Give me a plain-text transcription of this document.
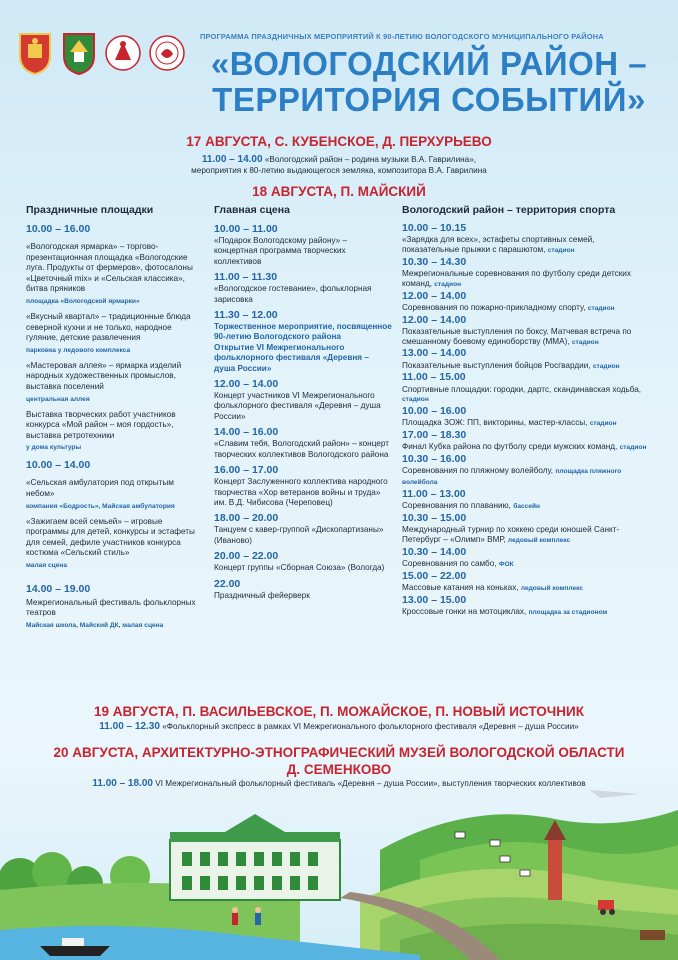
ПРОГРАММА ПРАЗДНИЧНЫХ МЕРОПРИЯТИЙ К 90-ЛЕТИЮ ВОЛОГОДСКОГО МУНИЦИПАЛЬНОГО РАЙОНА
«ВОЛОГОДСКИЙ РАЙОН –
ТЕРРИТОРИЯ СОБЫТИЙ»
17 АВГУСТА, С. КУБЕНСКОЕ, Д. ПЕРХУРЬЕВО
11.00 – 14.00 «Вологодский район – родина музыки В.А. Гаврилина»,
мероприятия к 80-летию выдающегося земляка, композитора В.А. Гаврилина
18 АВГУСТА, П. МАЙСКИЙ
Праздничные площадки	Главная сцена	Вологодский район – территория спорта
10.00 – 16.00
«Вологодская ярмарка» – торгово-презентационная площадка «Вологодские луга. Продукты от фермеров», фотосалоны «Цветочный mix» и «Сельская классика», битва пряников
площадка «Вологодской ярмарки»
«Вкусный квартал» – традиционные блюда северной кухни и не только, народное гуляние, детские развлечения
парковка у ледового комплекса
«Мастеровая аллея» – ярмарка изделий народных художественных промыслов, выставка поселений
центральная аллея
Выставка творческих работ участников конкурса «Мой район – моя гордость», выставка ретротехники
у дома культуры
10.00 – 14.00
«Сельская амбулатория под открытым небом»
компания «Бодрость», Майская амбулатория
«Зажигаем всей семьей» – игровые программы для детей, конкурсы и эстафеты для семей, дефиле участников конкурса костюма «Сельский стиль»
малая сцена
14.00 – 19.00
Межрегиональный фестиваль фольклорных театров
Майская школа, Майский ДК, малая сцена
10.00 – 11.00
«Подарок Вологодскому району» – концертная программа творческих коллективов
11.00 – 11.30
«Вологодское гостевание», фольклорная зарисовка
11.30 – 12.00
Торжественное мероприятие, посвященное
90-летию Вологодского района
Открытие VI Межрегионального фольклорного фестиваля «Деревня – душа России»
12.00 – 14.00
Концерт участников VI Межрегионального фольклорного фестиваля «Деревня – душа России»
14.00 – 16.00
«Славим тебя, Вологодский район» – концерт творческих коллективов Вологодского района
16.00 – 17.00
Концерт Заслуженного коллектива народного творчества «Хор ветеранов войны и труда» им. В.Д. Чибисова (Череповец)
18.00 – 20.00
Танцуем с кавер-группой «Дископартизаны» (Иваново)
20.00 – 22.00
Концерт группы «Сборная Союза» (Вологда)
22.00
Праздничный фейерверк
10.00 – 10.15
«Зарядка для всех», эстафеты спортивных семей, показательные прыжки с парашютом, стадион
10.30 – 14.30
Межрегиональные соревнования по футболу среди детских команд, стадион
12.00 – 14.00
Соревнования по пожарно-прикладному спорту, стадион
12.00 – 14.00
Показательные выступления по боксу. Матчевая встреча по смешанному боевому единоборству (ММА), стадион
13.00 – 14.00
Показательные выступления бойцов Росгвардии, стадион
11.00 – 15.00
Спортивные площадки: городки, дартс, скандинавская ходьба, стадион
10.00 – 16.00
Площадка ЗОЖ: ПП, викторины, мастер-классы, стадион
17.00 – 18.30
Финал Кубка района по футболу среди мужских команд, стадион
10.30 – 16.00
Соревнования по пляжному волейболу, площадка пляжного волейбола
11.00 – 13.00
Соревнования по плаванию, бассейн
10.30 – 15.00
Международный турнир по хоккею среди юношей Санкт-Петербург – «Олимп» ВМР, ледовый комплекс
10.30 – 14.00
Соревнования по самбо, ФОК
15.00 – 22.00
Массовые катания на коньках, ледовый комплекс
13.00 – 15.00
Кроссовые гонки на мотоциклах, площадка за стадионом
19 АВГУСТА, П. ВАСИЛЬЕВСКОЕ, П. МОЖАЙСКОЕ, П. НОВЫЙ ИСТОЧНИК
11.00 – 12.30 «Фольклорный экспресс в рамках VI Межрегионального фольклорного фестиваля «Деревня – душа России»
20 АВГУСТА, АРХИТЕКТУРНО-ЭТНОГРАФИЧЕСКИЙ МУЗЕЙ ВОЛОГОДСКОЙ ОБЛАСТИ
Д. СЕМЕНКОВО
11.00 – 18.00 VI Межрегиональный фольклорный фестиваль «Деревня – душа России», выступления творческих коллективов
